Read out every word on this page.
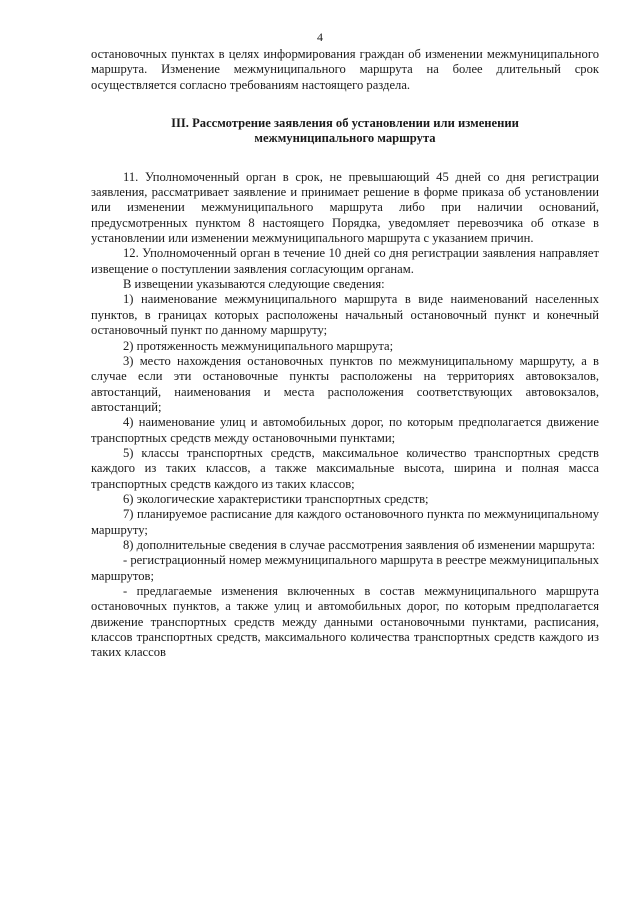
4

остановочных пунктах в целях информирования граждан об изменении межмуниципального маршрута. Изменение межмуниципального маршрута на более длительный срок осуществляется согласно требованиям настоящего раздела.

III. Рассмотрение заявления об установлении или изменении межмуниципального маршрута

11. Уполномоченный орган в срок, не превышающий 45 дней со дня регистрации заявления, рассматривает заявление и принимает решение в форме приказа об установлении или изменении межмуниципального маршрута либо при наличии оснований, предусмотренных пунктом 8 настоящего Порядка, уведомляет перевозчика об отказе в установлении или изменении межмуниципального маршрута с указанием причин.

12. Уполномоченный орган в течение 10 дней со дня регистрации заявления направляет извещение о поступлении заявления согласующим органам.

В извещении указываются следующие сведения:

1) наименование межмуниципального маршрута в виде наименований населенных пунктов, в границах которых расположены начальный остановочный пункт и конечный остановочный пункт по данному маршруту;

2) протяженность межмуниципального маршрута;

3) место нахождения остановочных пунктов по межмуниципальному маршруту, а в случае если эти остановочные пункты расположены на территориях автовокзалов, автостанций, наименования и места расположения соответствующих автовокзалов, автостанций;

4) наименование улиц и автомобильных дорог, по которым предполагается движение транспортных средств между остановочными пунктами;

5) классы транспортных средств, максимальное количество транспортных средств каждого из таких классов, а также максимальные высота, ширина и полная масса транспортных средств каждого из таких классов;

6) экологические характеристики транспортных средств;

7) планируемое расписание для каждого остановочного пункта по межмуниципальному маршруту;

8) дополнительные сведения в случае рассмотрения заявления об изменении маршрута:

- регистрационный номер межмуниципального маршрута в реестре межмуниципальных маршрутов;

- предлагаемые изменения включенных в состав межмуниципального маршрута остановочных пунктов, а также улиц и автомобильных дорог, по которым предполагается движение транспортных средств между данными остановочными пунктами, расписания, классов транспортных средств, максимального количества транспортных средств каждого из таких классов
